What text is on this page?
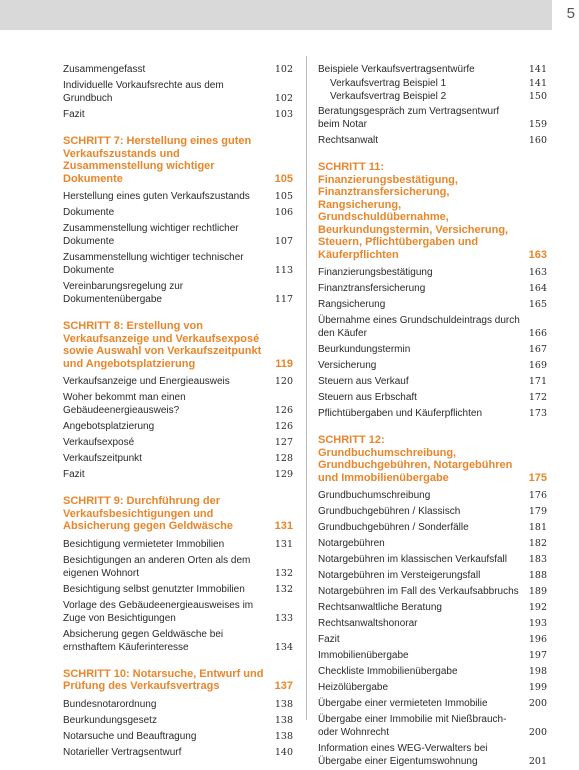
5
Zusammengefasst	102
Individuelle Vorkaufsrechte aus dem Grundbuch	102
Fazit	103
SCHRITT 7: Herstellung eines guten Verkaufszustands und Zusammenstellung wichtiger Dokumente	105
Herstellung eines guten Verkaufszustands	105
Dokumente	106
Zusammenstellung wichtiger rechtlicher Dokumente	107
Zusammenstellung wichtiger technischer Dokumente	113
Vereinbarungsregelung zur Dokumentenübergabe	117
SCHRITT 8: Erstellung von Verkaufsanzeige und Verkaufsexposé sowie Auswahl von Verkaufszeitpunkt und Angebotsplatzierung	119
Verkaufsanzeige und Energieausweis	120
Woher bekommt man einen Gebäudeenergieausweis?	126
Angebotsplatzierung	126
Verkaufsexposé	127
Verkaufszeitpunkt	128
Fazit	129
SCHRITT 9: Durchführung der Verkaufsbesichtigungen und Absicherung gegen Geldwäsche	131
Besichtigung vermieteter Immobilien	131
Besichtigungen an anderen Orten als dem eigenen Wohnort	132
Besichtigung selbst genutzter Immobilien	132
Vorlage des Gebäudeenergieausweises im Zuge von Besichtigungen	133
Absicherung gegen Geldwäsche bei ernsthaftem Käuferinteresse	134
SCHRITT 10: Notarsuche, Entwurf und Prüfung des Verkaufsvertrags	137
Bundesnotarordnung	138
Beurkundungsgesetz	138
Notarsuche und Beauftragung	138
Notarieller Vertragsentwurf	140
Beispiele Verkaufsvertragsentwürfe	141
Verkaufsvertrag Beispiel 1	141
Verkaufsvertrag Beispiel 2	150
Beratungsgespräch zum Vertragsentwurf beim Notar	159
Rechtsanwalt	160
SCHRITT 11: Finanzierungsbestätigung, Finanztransfersicherung, Rangsicherung, Grundschuldübernahme, Beurkundungstermin, Versicherung, Steuern, Pflichtübergaben und Käuferpflichten	163
Finanzierungsbestätigung	163
Finanztransfersicherung	164
Rangsicherung	165
Übernahme eines Grundschuldeintrags durch den Käufer	166
Beurkundungstermin	167
Versicherung	169
Steuern aus Verkauf	171
Steuern aus Erbschaft	172
Pflichtübergaben und Käuferpflichten	173
SCHRITT 12: Grundbuchumschreibung, Grundbuchgebühren, Notargebühren und Immobilienübergabe	175
Grundbuchumschreibung	176
Grundbuchgebühren / Klassisch	179
Grundbuchgebühren / Sonderfälle	181
Notargebühren	182
Notargebühren im klassischen Verkaufsfall	183
Notargebühren im Versteigerungsfall	188
Notargebühren im Fall des Verkaufsabbruchs	189
Rechtsanwaltliche Beratung	192
Rechtsanwaltshonorar	193
Fazit	196
Immobilienübergabe	197
Checkliste Immobilienübergabe	198
Heizölübergabe	199
Übergabe einer vermieteten Immobilie	200
Übergabe einer Immobilie mit Nießbrauch- oder Wohnrecht	200
Information eines WEG-Verwalters bei Übergabe einer Eigentumswohnung	201
